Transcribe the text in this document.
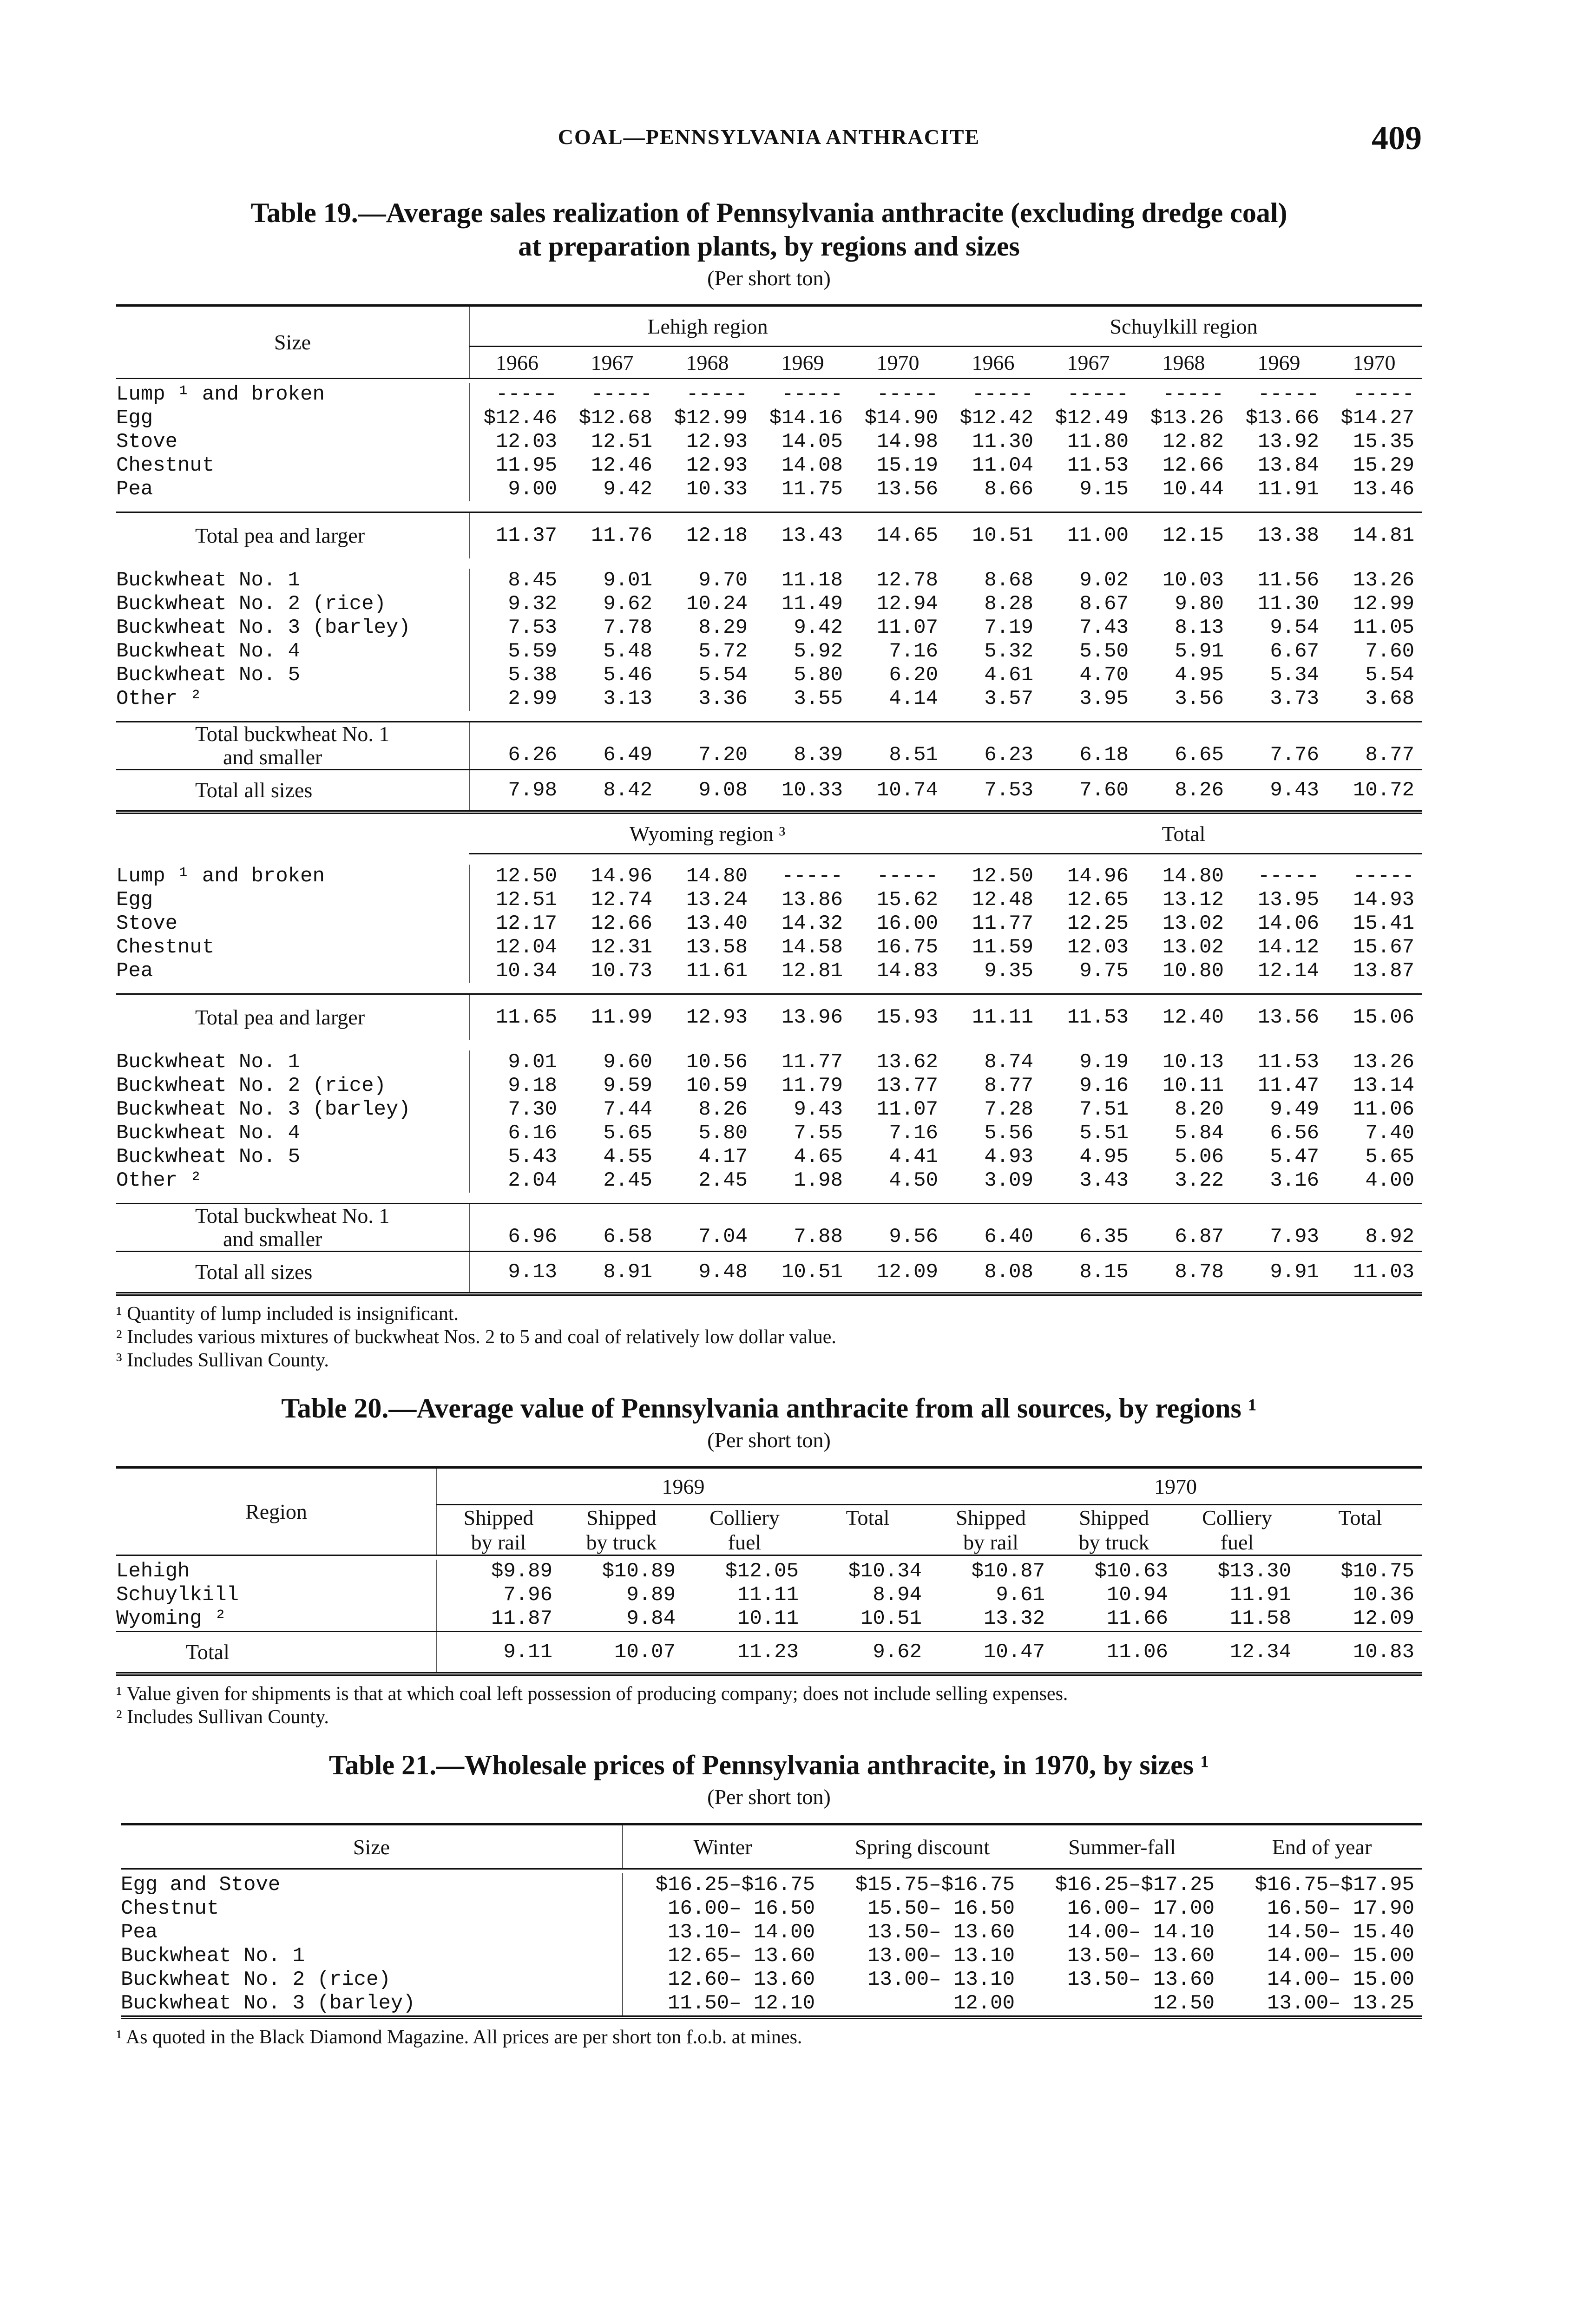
COAL—PENNSYLVANIA ANTHRACITE	409
Table 19.—Average sales realization of Pennsylvania anthracite (excluding dredge coal)
at preparation plants, by regions and sizes
(Per short ton)
Size	Lehigh region					Schuylkill region				
	1966	1967	1968	1969	1970	1966	1967	1968	1969	1970

Lump ¹ and broken	-----	-----	-----	-----	-----	-----	-----	-----	-----	-----
Egg	$12.46	$12.68	$12.99	$14.16	$14.90	$12.42	$12.49	$13.26	$13.66	$14.27
Stove	12.03	12.51	12.93	14.05	14.98	11.30	11.80	12.82	13.92	15.35
Chestnut	11.95	12.46	12.93	14.08	15.19	11.04	11.53	12.66	13.84	15.29
Pea	9.00	9.42	10.33	11.75	13.56	8.66	9.15	10.44	11.91	13.46

Total pea and larger	11.37	11.76	12.18	13.43	14.65	10.51	11.00	12.15	13.38	14.81

Buckwheat No. 1	8.45	9.01	9.70	11.18	12.78	8.68	9.02	10.03	11.56	13.26
Buckwheat No. 2 (rice)	9.32	9.62	10.24	11.49	12.94	8.28	8.67	9.80	11.30	12.99
Buckwheat No. 3 (barley)	7.53	7.78	8.29	9.42	11.07	7.19	7.43	8.13	9.54	11.05
Buckwheat No. 4	5.59	5.48	5.72	5.92	7.16	5.32	5.50	5.91	6.67	7.60
Buckwheat No. 5	5.38	5.46	5.54	5.80	6.20	4.61	4.70	4.95	5.34	5.54
Other ²	2.99	3.13	3.36	3.55	4.14	3.57	3.95	3.56	3.73	3.68

Total buckwheat No. 1
and smaller	6.26	6.49	7.20	8.39	8.51	6.23	6.18	6.65	7.76	8.77
Total all sizes	7.98	8.42	9.08	10.33	10.74	7.53	7.60	8.26	9.43	10.72
	Wyoming region ³					Total				

Lump ¹ and broken	12.50	14.96	14.80	-----	-----	12.50	14.96	14.80	-----	-----
Egg	12.51	12.74	13.24	13.86	15.62	12.48	12.65	13.12	13.95	14.93
Stove	12.17	12.66	13.40	14.32	16.00	11.77	12.25	13.02	14.06	15.41
Chestnut	12.04	12.31	13.58	14.58	16.75	11.59	12.03	13.02	14.12	15.67
Pea	10.34	10.73	11.61	12.81	14.83	9.35	9.75	10.80	12.14	13.87

Total pea and larger	11.65	11.99	12.93	13.96	15.93	11.11	11.53	12.40	13.56	15.06

Buckwheat No. 1	9.01	9.60	10.56	11.77	13.62	8.74	9.19	10.13	11.53	13.26
Buckwheat No. 2 (rice)	9.18	9.59	10.59	11.79	13.77	8.77	9.16	10.11	11.47	13.14
Buckwheat No. 3 (barley)	7.30	7.44	8.26	9.43	11.07	7.28	7.51	8.20	9.49	11.06
Buckwheat No. 4	6.16	5.65	5.80	7.55	7.16	5.56	5.51	5.84	6.56	7.40
Buckwheat No. 5	5.43	4.55	4.17	4.65	4.41	4.93	4.95	5.06	5.47	5.65
Other ²	2.04	2.45	2.45	1.98	4.50	3.09	3.43	3.22	3.16	4.00

Total buckwheat No. 1
and smaller	6.96	6.58	7.04	7.88	9.56	6.40	6.35	6.87	7.93	8.92
Total all sizes	9.13	8.91	9.48	10.51	12.09	8.08	8.15	8.78	9.91	11.03

¹ Quantity of lump included is insignificant.

² Includes various mixtures of buckwheat Nos. 2 to 5 and coal of relatively low dollar value.

³ Includes Sullivan County.

Table 20.—Average value of Pennsylvania anthracite from all sources, by regions ¹
(Per short ton)
Region	1969				1970			
	Shipped	Shipped	Colliery	Total	Shipped	Shipped	Colliery	Total
	by rail	by truck	fuel		by rail	by truck	fuel	

Lehigh	$9.89	$10.89	$12.05	$10.34	$10.87	$10.63	$13.30	$10.75
Schuylkill	7.96	9.89	11.11	8.94	9.61	10.94	11.91	10.36
Wyoming ²	11.87	9.84	10.11	10.51	13.32	11.66	11.58	12.09
Total	9.11	10.07	11.23	9.62	10.47	11.06	12.34	10.83

¹ Value given for shipments is that at which coal left possession of producing company; does not include selling expenses.

² Includes Sullivan County.

Table 21.—Wholesale prices of Pennsylvania anthracite, in 1970, by sizes ¹
(Per short ton)
Size	Winter	Spring discount	Summer-fall	End of year

Egg and Stove	$16.25–$16.75	$15.75–$16.75	$16.25–$17.25	$16.75–$17.95
Chestnut	16.00– 16.50	15.50– 16.50	16.00– 17.00	16.50– 17.90
Pea	13.10– 14.00	13.50– 13.60	14.00– 14.10	14.50– 15.40
Buckwheat No. 1	12.65– 13.60	13.00– 13.10	13.50– 13.60	14.00– 15.00
Buckwheat No. 2 (rice)	12.60– 13.60	13.00– 13.10	13.50– 13.60	14.00– 15.00
Buckwheat No. 3 (barley)	11.50– 12.10	12.00	12.50	13.00– 13.25

¹ As quoted in the Black Diamond Magazine. All prices are per short ton f.o.b. at mines.
